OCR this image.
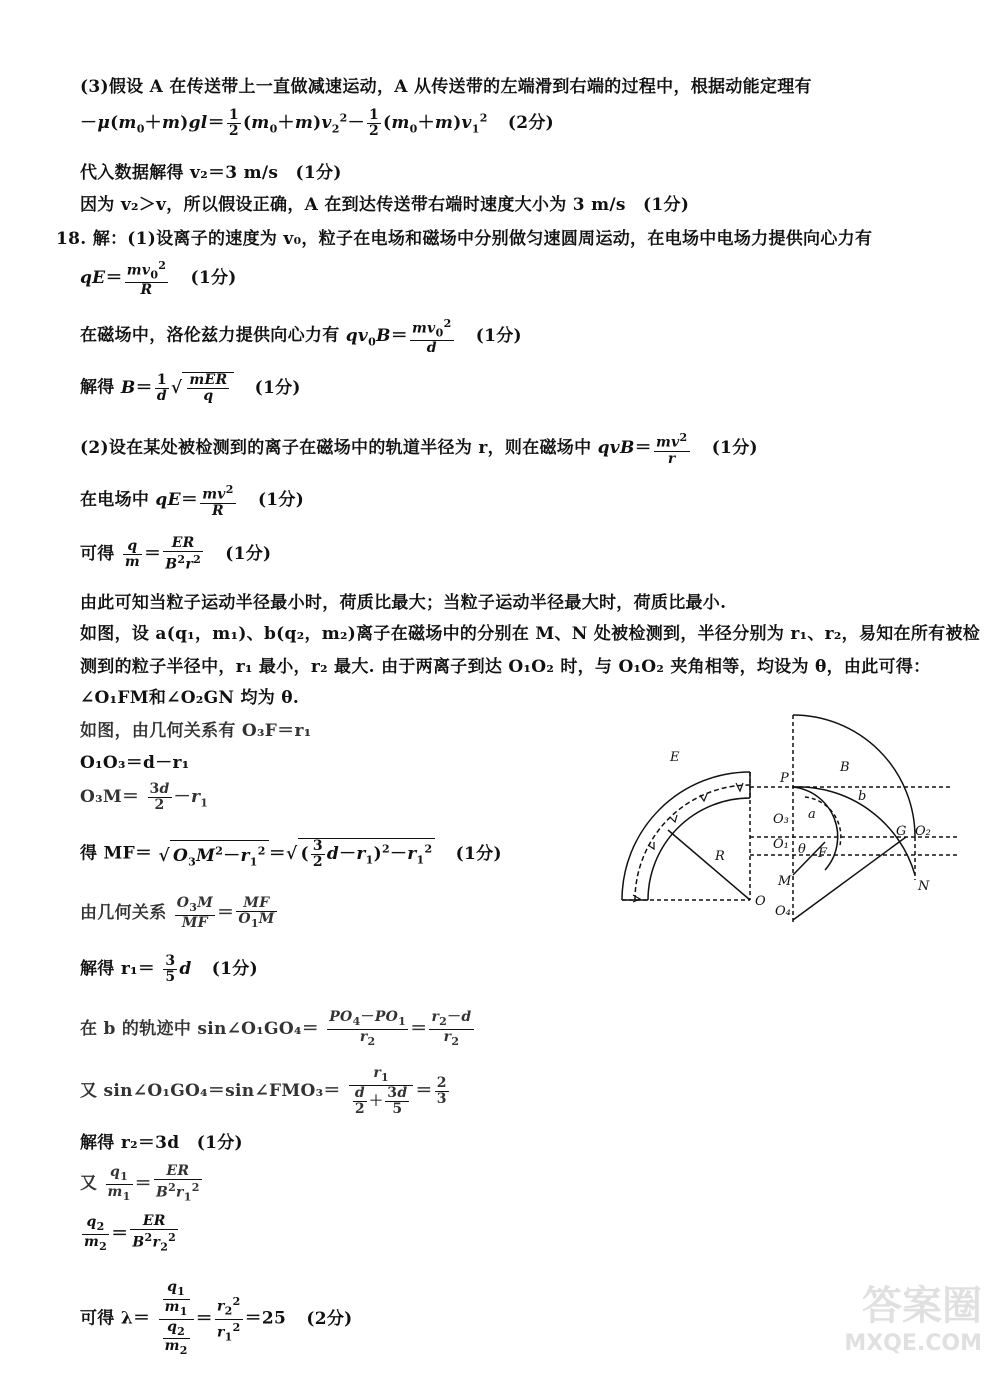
(3)假设 A 在传送带上一直做减速运动，A 从传送带的左端滑到右端的过程中，根据动能定理有
$-\mu(m_0+m)gl= \frac{1}{2} (m_0+m)v_2^2- \frac{1}{2} (m_0+m)v_1^2$ (2分)
代入数据解得 v₂＝3 m/s　(1分)
因为 v₂＞v，所以假设正确，A 在到达传送带右端时速度大小为 3 m/s　(1分)
18. 解：(1)设离子的速度为 v₀，粒子在电场和磁场中分别做匀速圆周运动，在电场中电场力提供向心力有
$qE= \frac{mv_0^2}{R} (1$分)
在磁场中，洛伦兹力提供向心力有 $qv_0B= \frac{mv_0^2}{d} (1$分)
解得 $B= \frac{1}{d}$ √ $\frac{\text{mER}}{q} (1$分)
(2)设在某处被检测到的离子在磁场中的轨道半径为 r，则在磁场中 $qvB= \frac{mv^2}{r} (1$分)
在电场中 $qE= \frac{mv^2}{R} (1$分)
可得 $\frac{q}{m} = \frac{ER}{B^2r^2} (1$分)
由此可知当粒子运动半径最小时，荷质比最大；当粒子运动半径最大时，荷质比最小.
如图，设 a(q₁，m₁)、b(q₂，m₂)离子在磁场中的分别在 M、N 处被检测到，半径分别为 r₁、r₂，易知在所有被检
测到的粒子半径中，r₁ 最小，r₂ 最大. 由于两离子到达 O₁O₂ 时，与 O₁O₂ 夹角相等，均设为 θ，由此可得：
∠O₁FM和∠O₂GN 均为 θ.
如图，由几何关系有 O₃F＝r₁
O₁O₃＝d－r₁
$O_3M= \frac{3d}{2} -r_1$
得 MF＝ √ $O_3M^2-r_1^2$ ＝√ ( $\frac{3}{2} d-r_1)^2-r_1^2$ (1分)
由几何关系 $\frac{O_3M}{MF} = \frac{MF}{O_1M}$
解得 $r_1= \frac{3}{5}$ d (1分)
在 b 的轨迹中 sin∠O₁GO₄＝ $\frac{PO_4-PO_1}{r_2} = \frac{r_2-d}{r_2}$
又 sin∠O₁GO₄＝sin∠FMO₃＝ $\frac{r_1}{\frac{d}{2} + \frac{3d}{5}} = \frac{2}{3}$
解得 r₂＝3d　(1分)
又 $\frac{q_1}{m_1} = \frac{ER}{B^2r_1^2}$
$\frac{q_2}{m_2} = \frac{ER}{B^2r_2^2}$
可得 $\lambda= \frac{\frac{q_1}{m_1}}{\frac{q_2}{m_2}} = \frac{r_2^2}{r_1^2} =25$ (2分)
E
R
O
B
P
b
O₃ a
O₁ θ F
G O₂
M	N
O₄
答案圈
MXQE.COM
